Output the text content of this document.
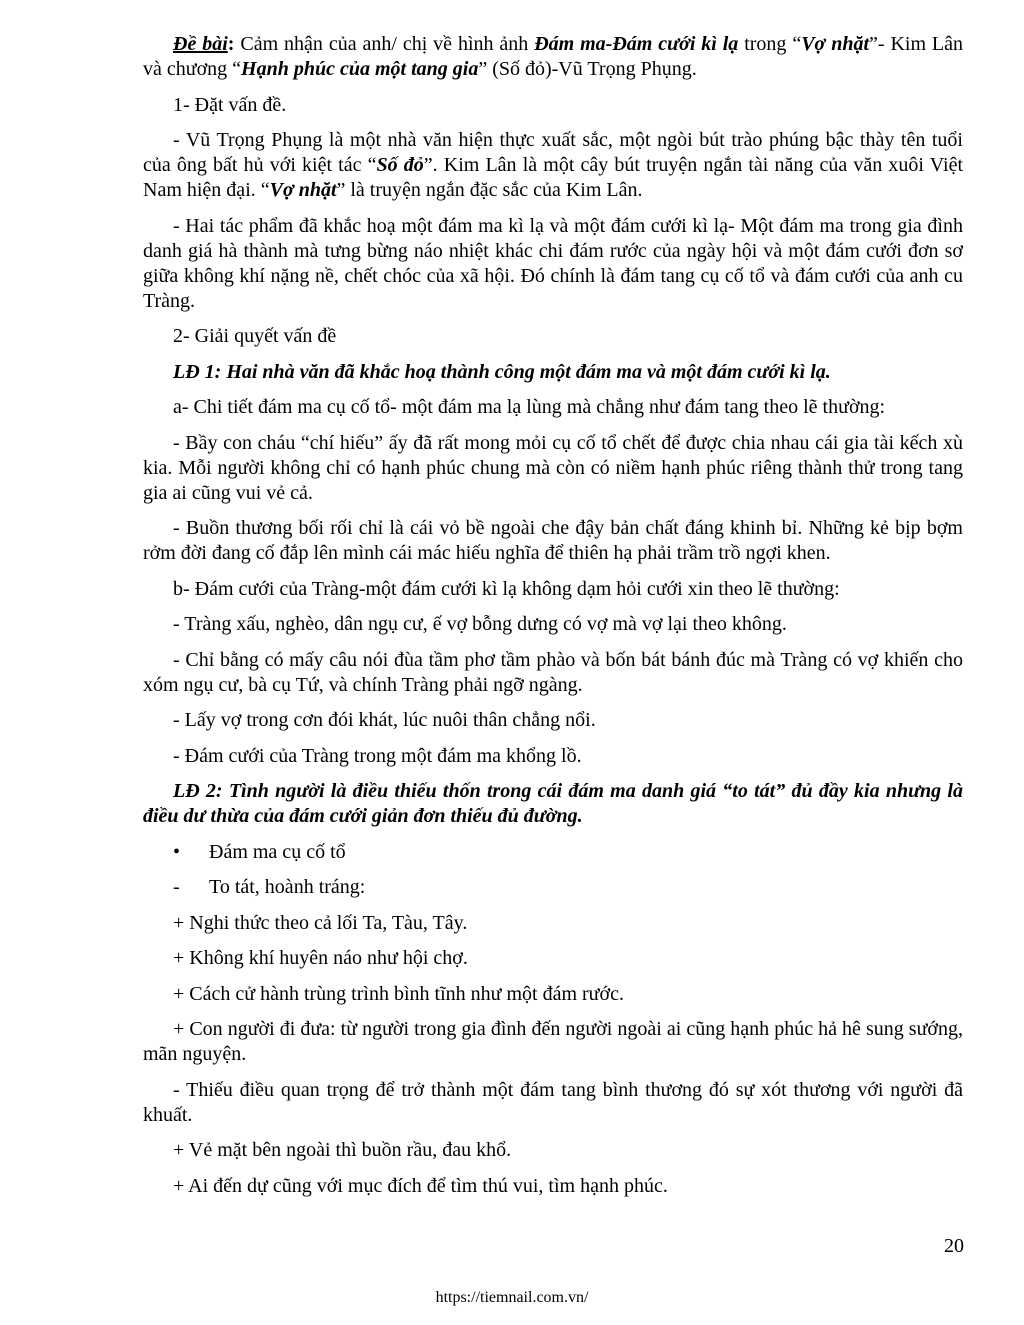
Đề bài: Cảm nhận của anh/ chị về hình ảnh Đám ma-Đám cưới kì lạ trong “Vợ nhặt”- Kim Lân và chương “Hạnh phúc của một tang gia” (Số đỏ)-Vũ Trọng Phụng.

1- Đặt vấn đề.

- Vũ Trọng Phụng là một nhà văn hiện thực xuất sắc, một ngòi bút trào phúng bậc thày tên tuổi của ông bất hủ với kiệt tác “Số đỏ”. Kim Lân là một cây bút truyện ngắn tài năng của văn xuôi Việt Nam hiện đại. “Vợ nhặt” là truyện ngắn đặc sắc của Kim Lân.

- Hai tác phẩm đã khắc hoạ một đám ma kì lạ và một đám cưới kì lạ- Một đám ma trong gia đình danh giá hà thành mà tưng bừng náo nhiệt khác chi đám rước của ngày hội và một đám cưới đơn sơ giữa không khí nặng nề, chết chóc của xã hội. Đó chính là đám tang cụ cố tổ và đám cưới của anh cu Tràng.

2- Giải quyết vấn đề

LĐ 1: Hai nhà văn đã khắc hoạ thành công một đám ma và một đám cưới kì lạ.

a- Chi tiết đám ma cụ cố tổ- một đám ma lạ lùng mà chẳng như đám tang theo lẽ thường:

- Bầy con cháu “chí hiếu” ấy đã rất mong mỏi cụ cố tổ chết để được chia nhau cái gia tài kếch xù kia. Mỗi người không chỉ có hạnh phúc chung mà còn có niềm hạnh phúc riêng thành thử trong tang gia ai cũng vui vẻ cả.

- Buồn thương bối rối chỉ là cái vỏ bề ngoài che đậy bản chất đáng khinh bỉ. Những kẻ bịp bợm rởm đời đang cố đắp lên mình cái mác hiếu nghĩa để thiên hạ phải trầm trồ ngợi khen.

b- Đám cưới của Tràng-một đám cưới kì lạ không dạm hỏi cưới xin theo lẽ thường:

- Tràng xấu, nghèo, dân ngụ cư, ế vợ bỗng dưng có vợ mà vợ lại theo không.

- Chỉ bằng có mấy câu nói đùa tầm phơ tầm phào và bốn bát bánh đúc mà Tràng có vợ khiến cho xóm ngụ cư, bà cụ Tứ, và chính Tràng phải ngỡ ngàng.

- Lấy vợ trong cơn đói khát, lúc nuôi thân chẳng nổi.

- Đám cưới của Tràng trong một đám ma khổng lồ.

LĐ 2: Tình người là điều thiếu thốn trong cái đám ma danh giá “to tát” đủ đầy kia nhưng là điều dư thừa của đám cưới giản đơn thiếu đủ đường.

•	Đám ma cụ cố tổ
-	To tát, hoành tráng:

+ Nghi thức theo cả lối Ta, Tàu, Tây.

+ Không khí huyên náo như hội chợ.

+ Cách cử hành trùng trình bình tĩnh như một đám rước.

+ Con người đi đưa: từ người trong gia đình đến người ngoài ai cũng hạnh phúc hả hê sung sướng, mãn nguyện.

- Thiếu điều quan trọng để trở thành một đám tang bình thương đó sự xót thương với người đã khuất.

+ Vẻ mặt bên ngoài thì buồn rầu, đau khổ.

+ Ai đến dự cũng với mục đích để tìm thú vui, tìm hạnh phúc.

20
https://tiemnail.com.vn/
